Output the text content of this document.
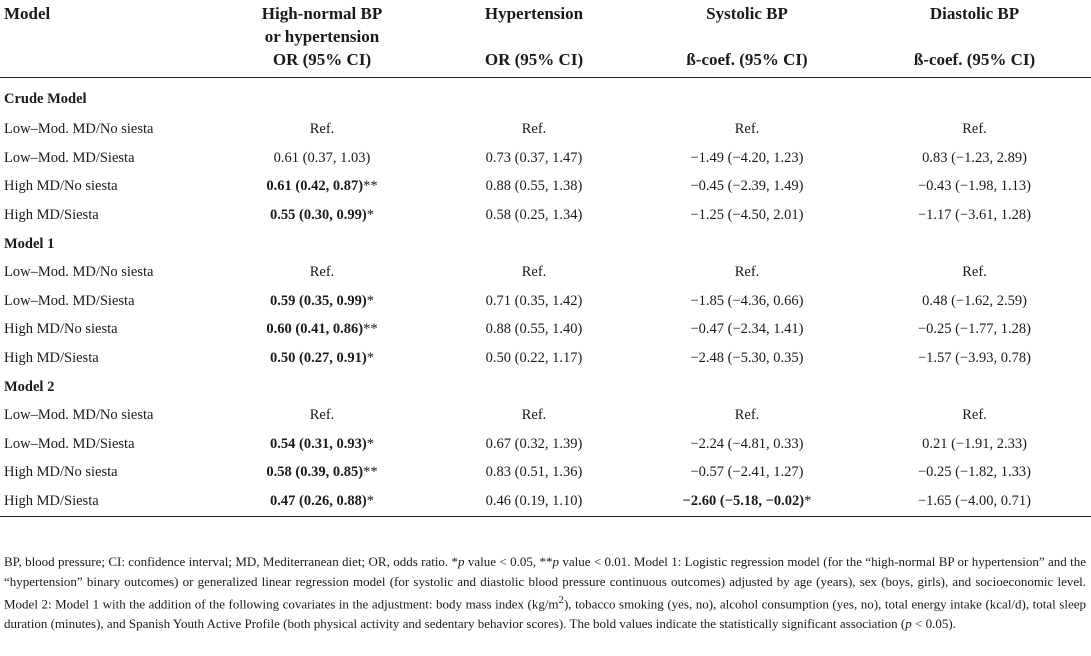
Model	High-normal BP	Hypertension	Systolic BP	Diastolic BP
	or hypertension			
	OR (95% CI)	OR (95% CI)	ß-coef. (95% CI)	ß-coef. (95% CI)
Crude Model				
Low–Mod. MD/No siesta	Ref.	Ref.	Ref.	Ref.
Low–Mod. MD/Siesta	0.61 (0.37, 1.03)	0.73 (0.37, 1.47)	−1.49 (−4.20, 1.23)	0.83 (−1.23, 2.89)
High MD/No siesta	0.61 (0.42, 0.87)**	0.88 (0.55, 1.38)	−0.45 (−2.39, 1.49)	−0.43 (−1.98, 1.13)
High MD/Siesta	0.55 (0.30, 0.99)*	0.58 (0.25, 1.34)	−1.25 (−4.50, 2.01)	−1.17 (−3.61, 1.28)
Model 1				
Low–Mod. MD/No siesta	Ref.	Ref.	Ref.	Ref.
Low–Mod. MD/Siesta	0.59 (0.35, 0.99)*	0.71 (0.35, 1.42)	−1.85 (−4.36, 0.66)	0.48 (−1.62, 2.59)
High MD/No siesta	0.60 (0.41, 0.86)**	0.88 (0.55, 1.40)	−0.47 (−2.34, 1.41)	−0.25 (−1.77, 1.28)
High MD/Siesta	0.50 (0.27, 0.91)*	0.50 (0.22, 1.17)	−2.48 (−5.30, 0.35)	−1.57 (−3.93, 0.78)
Model 2				
Low–Mod. MD/No siesta	Ref.	Ref.	Ref.	Ref.
Low–Mod. MD/Siesta	0.54 (0.31, 0.93)*	0.67 (0.32, 1.39)	−2.24 (−4.81, 0.33)	0.21 (−1.91, 2.33)
High MD/No siesta	0.58 (0.39, 0.85)**	0.83 (0.51, 1.36)	−0.57 (−2.41, 1.27)	−0.25 (−1.82, 1.33)
High MD/Siesta	0.47 (0.26, 0.88)*	0.46 (0.19, 1.10)	−2.60 (−5.18, −0.02)*	−1.65 (−4.00, 0.71)
BP, blood pressure; CI: confidence interval; MD, Mediterranean diet; OR, odds ratio. *p value < 0.05, **p value < 0.01. Model 1: Logistic regression model (for the “high-normal BP or hypertension” and the “hypertension” binary outcomes) or generalized linear regression model (for systolic and diastolic blood pressure continuous outcomes) adjusted by age (years), sex (boys, girls), and socioeconomic level. Model 2: Model 1 with the addition of the following covariates in the adjustment: body mass index $(kg/m^2)$, tobacco smoking (yes, no), alcohol consumption (yes, no), total energy intake (kcal/d), total sleep duration (minutes), and Spanish Youth Active Profile (both physical activity and sedentary behavior scores). The bold values indicate the statistically significant association (p < 0.05).
